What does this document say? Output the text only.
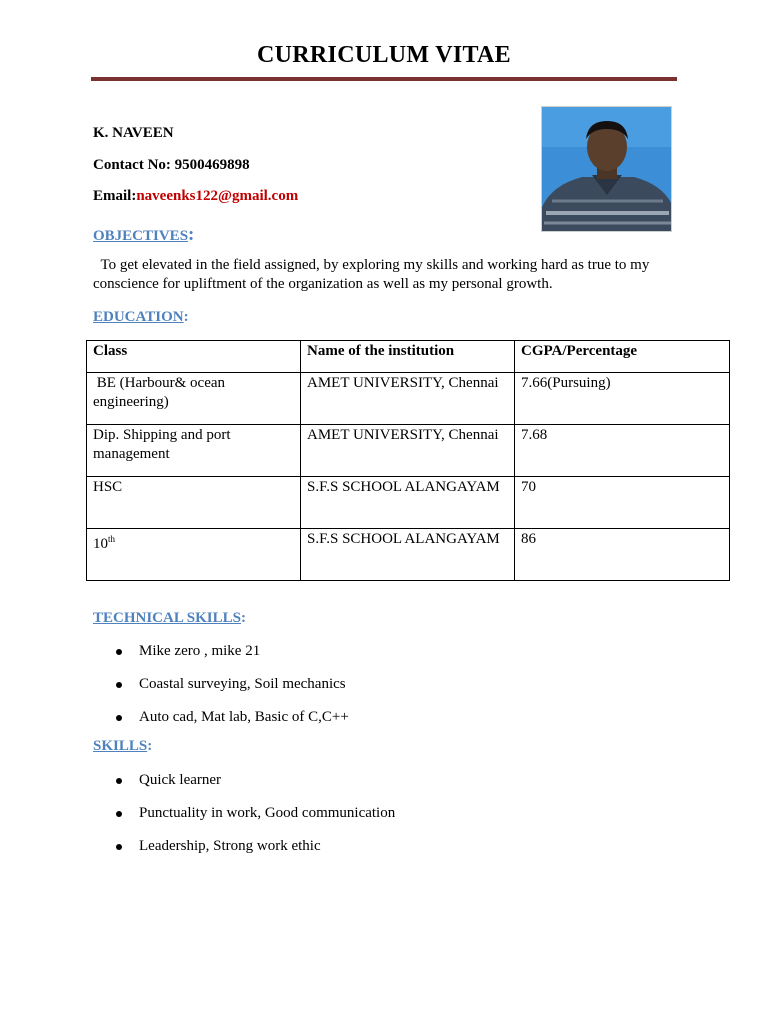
CURRICULUM VITAE
K. NAVEEN
Contact No: 9500469898
Email:naveenks122@gmail.com
OBJECTIVES:
To get elevated in the field assigned, by exploring my skills and working hard as true to my conscience for upliftment of the organization as well as my personal growth.
EDUCATION:
Class	Name of the institution	CGPA/Percentage
BE (Harbour& ocean engineering)	AMET UNIVERSITY, Chennai	7.66(Pursuing)
Dip. Shipping and port management	AMET UNIVERSITY, Chennai	7.68
HSC	S.F.S SCHOOL ALANGAYAM	70
10th	S.F.S SCHOOL ALANGAYAM	86
TECHNICAL SKILLS:
Mike zero , mike 21
Coastal surveying, Soil mechanics
Auto cad, Mat lab, Basic of C,C++
SKILLS:
Quick learner
Punctuality in work, Good communication
Leadership, Strong work ethic
